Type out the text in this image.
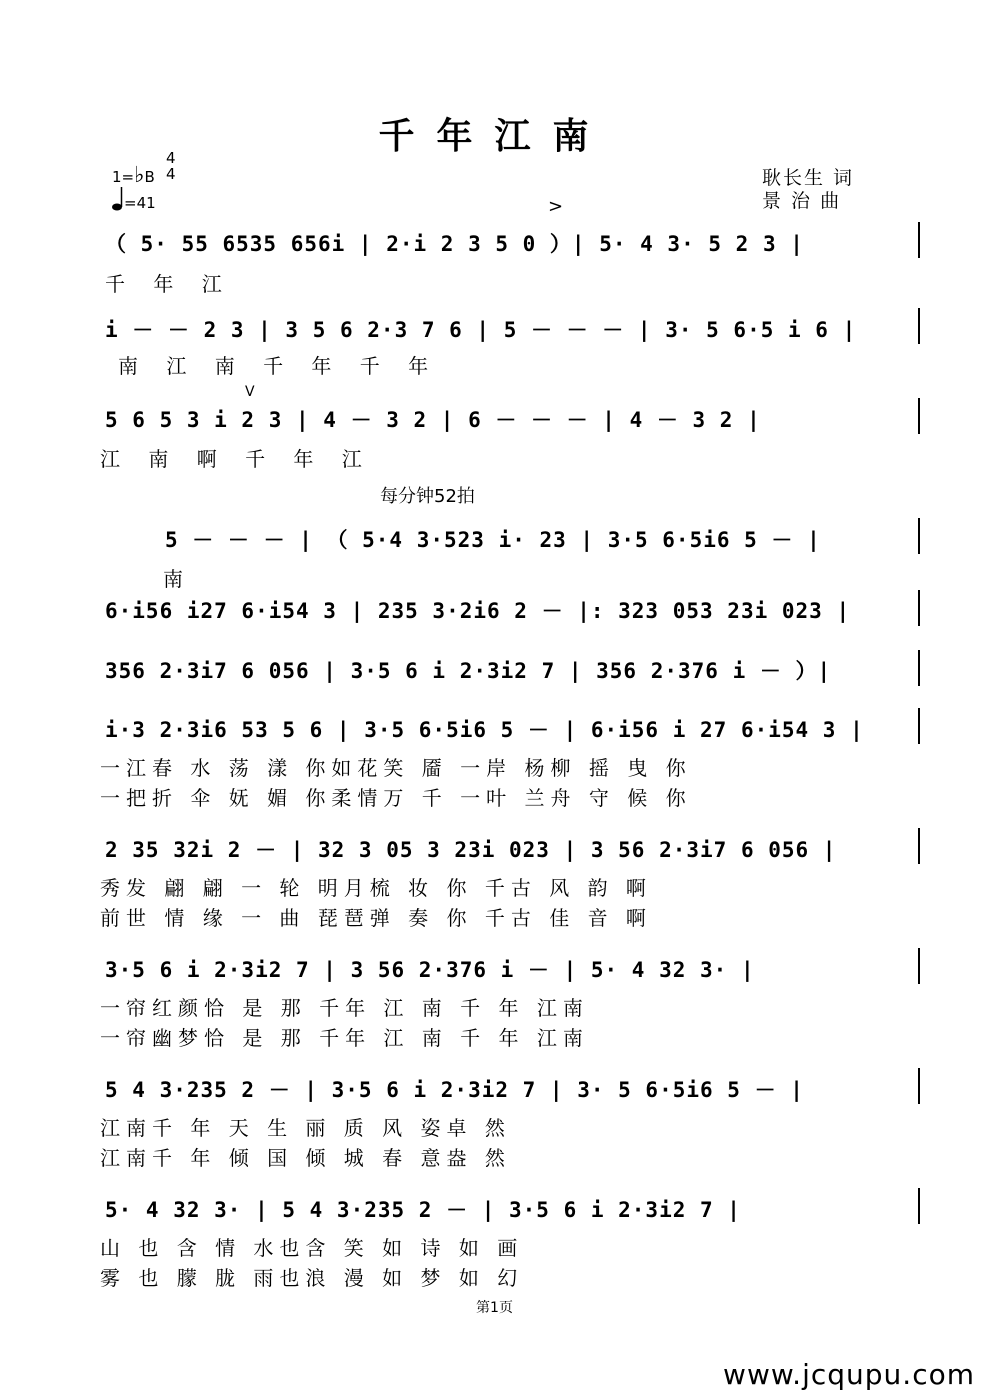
千年江南
1=♭B
4
4
=41
耿长生 词
景 治 曲
>
V
每分钟52拍
（ 5· 55 6535 656i | 2·i 2 3 5 0 ）| 5· 4 3· 5 2 3 |
千 年 江
i － － 2 3 | 3 5 6 2·3 7 6 | 5 － － － | 3· 5 6·5 i 6 |
南 江 南 千 年 千 年
5 6 5 3 i 2 3 | 4 － 3 2 | 6 － － － | 4 － 3 2 |
江 南 啊 千 年 江
5 － － － | （ 5·4 3·523 i· 23 | 3·5 6·5i6 5 － |
南
6·i56 i27 6·i54 3 | 235 3·2i6 2 － |: 323 053 23i 023 |
356 2·3i7 6 056 | 3·5 6 i 2·3i2 7 | 356 2·376 i － ）|
i·3 2·3i6 53 5 6 | 3·5 6·5i6 5 － | 6·i56 i 27 6·i54 3 |
一江春 水 荡 漾 你如花笑 靥 一岸 杨柳 摇 曳 你
一把折 伞 妩 媚 你柔情万 千 一叶 兰舟 守 候 你
2 35 32i 2 － | 32 3 05 3 23i 023 | 3 56 2·3i7 6 056 |
秀发 翩 翩 一 轮 明月梳 妆 你 千古 风 韵 啊
前世 情 缘 一 曲 琵琶弹 奏 你 千古 佳 音 啊
3·5 6 i 2·3i2 7 | 3 56 2·376 i － | 5· 4 32 3· |
一帘红颜恰 是 那 千年 江 南 千 年 江南
一帘幽梦恰 是 那 千年 江 南 千 年 江南
5 4 3·235 2 － | 3·5 6 i 2·3i2 7 | 3· 5 6·5i6 5 － |
江南千 年 天 生 丽 质 风 姿卓 然
江南千 年 倾 国 倾 城 春 意盎 然
5· 4 32 3· | 5 4 3·235 2 － | 3·5 6 i 2·3i2 7 |
山 也 含 情 水也含 笑 如 诗 如 画
雾 也 朦 胧 雨也浪 漫 如 梦 如 幻
第1页
www.jcqupu.com
